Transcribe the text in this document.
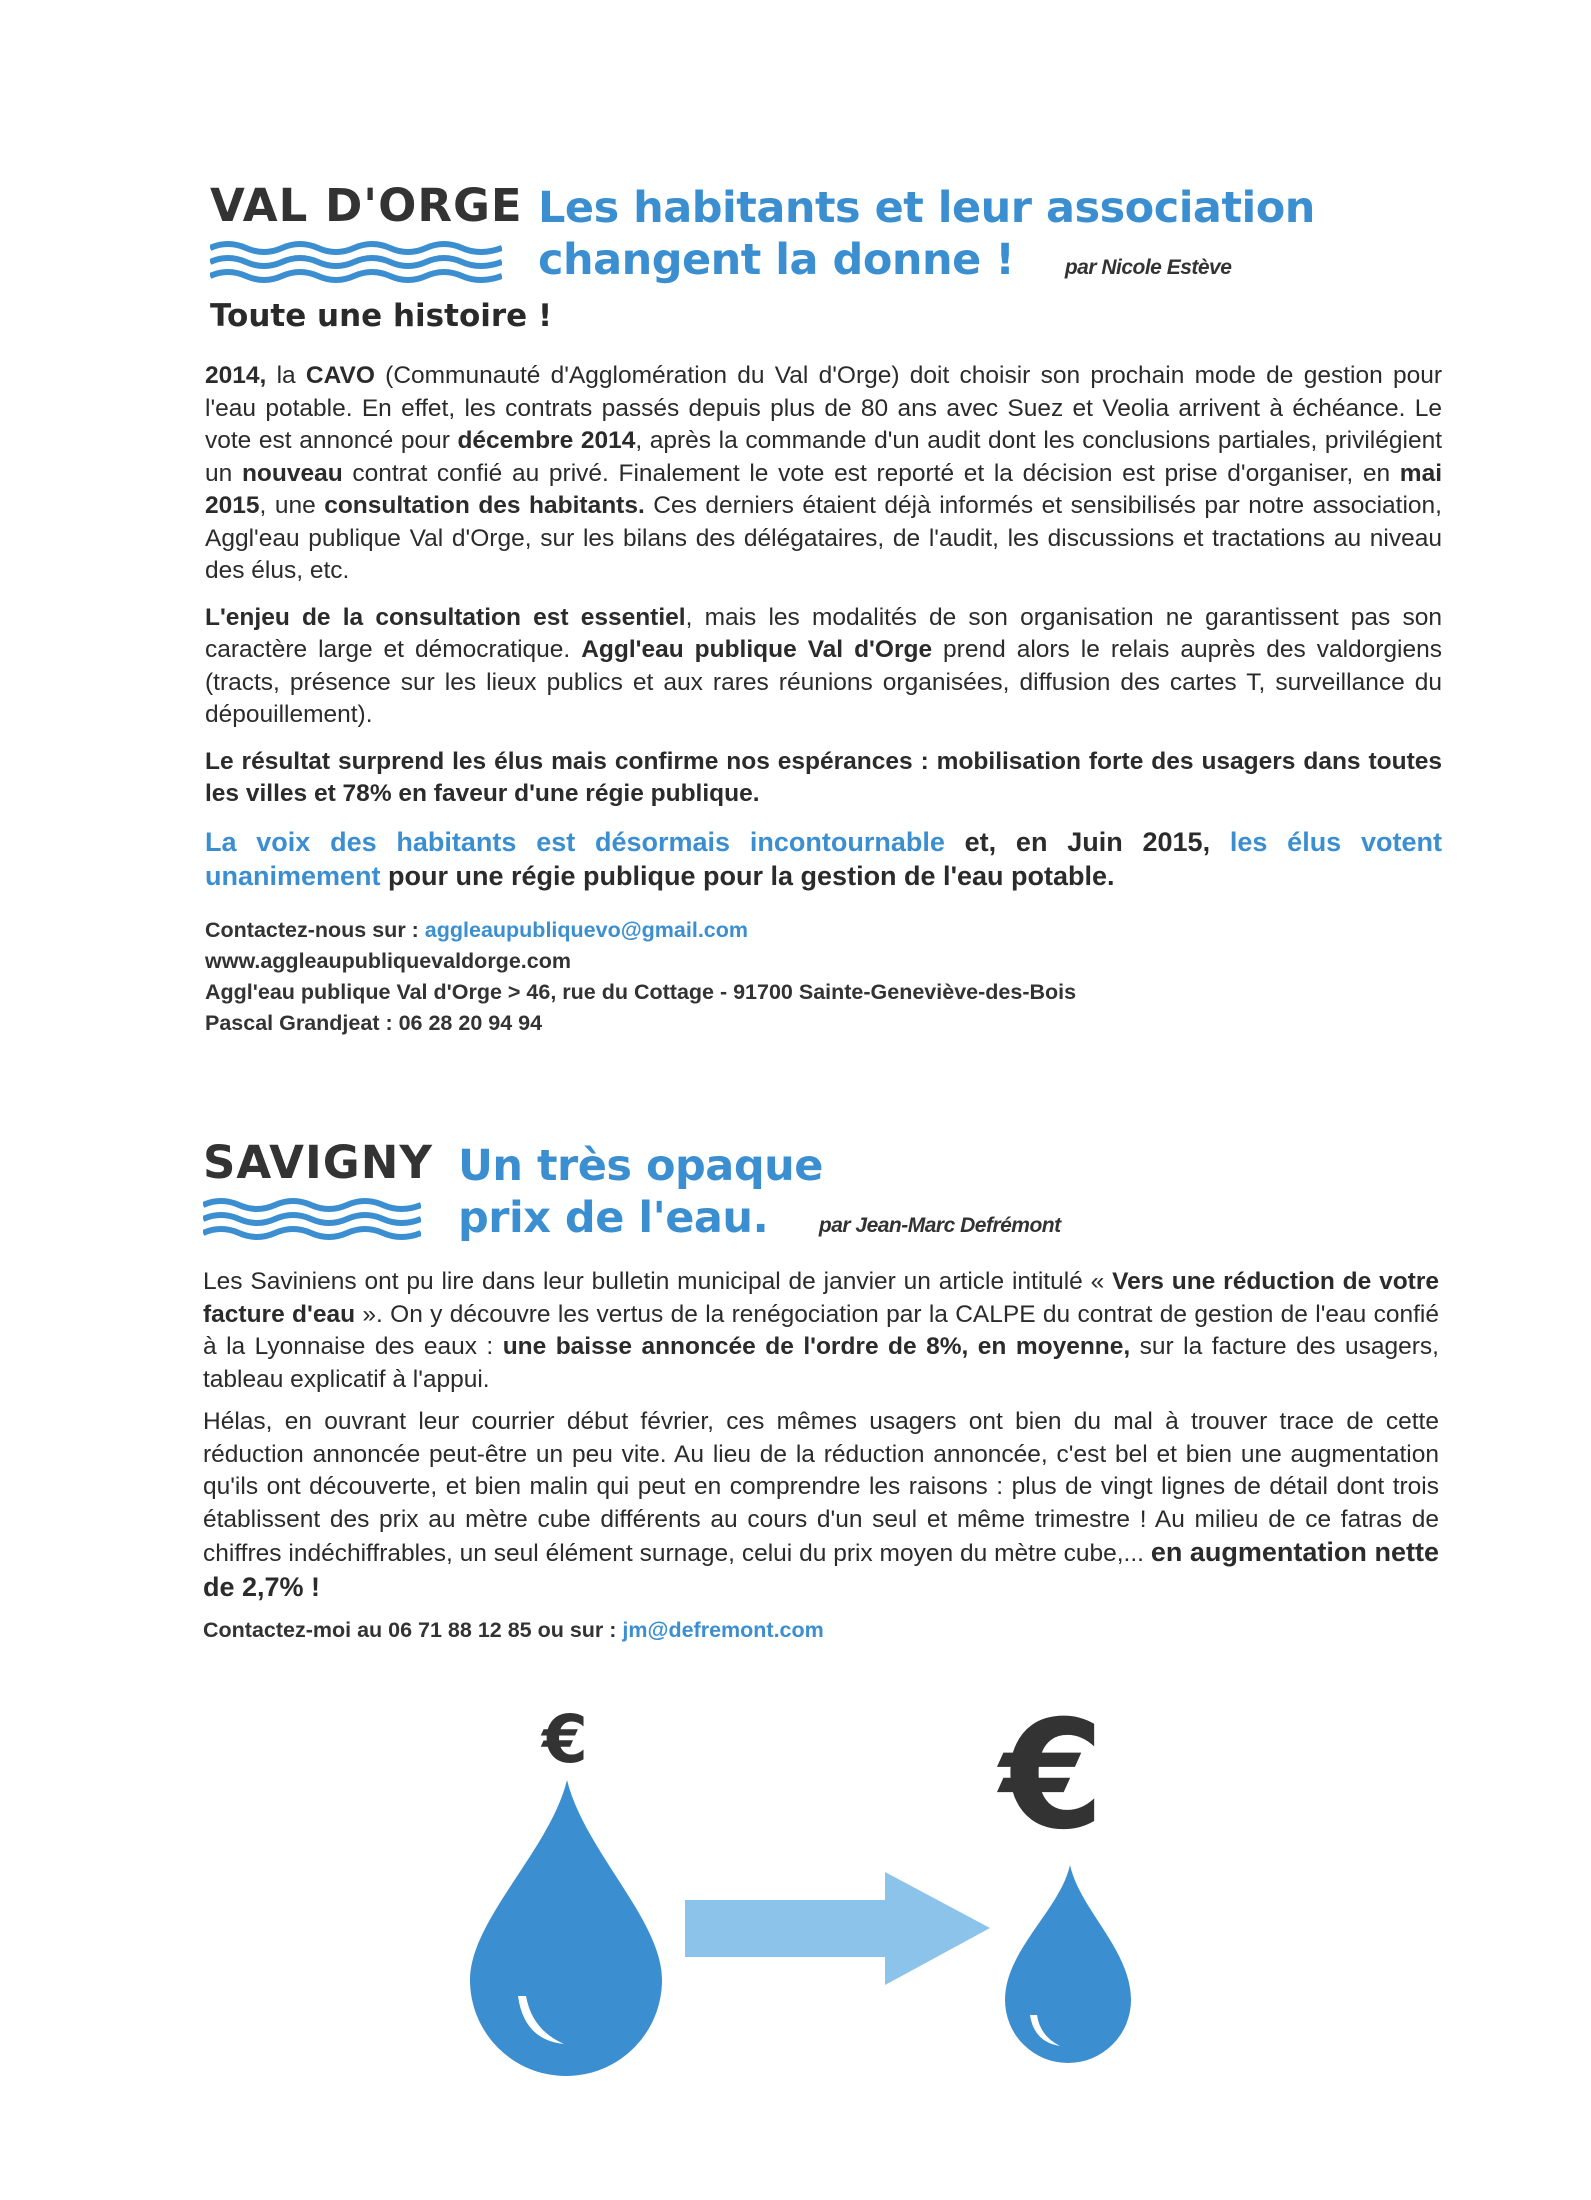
VAL D'ORGE Les habitants et leur association
changent la donne ! par Nicole Estève
Toute une histoire !

2014, la CAVO (Communauté d'Agglomération du Val d'Orge) doit choisir son prochain mode de gestion pour l'eau potable. En effet, les contrats passés depuis plus de 80 ans avec Suez et Veolia arrivent à échéance. Le vote est annoncé pour décembre 2014, après la commande d'un audit dont les conclusions partiales, privilégient un nouveau contrat confié au privé. Finalement le vote est reporté et la décision est prise d'organiser, en mai 2015, une consultation des habitants. Ces derniers étaient déjà informés et sensibilisés par notre association, Aggl'eau publique Val d'Orge, sur les bilans des délégataires, de l'audit, les discussions et tractations au niveau des élus, etc.

L'enjeu de la consultation est essentiel, mais les modalités de son organisation ne garantissent pas son caractère large et démocratique. Aggl'eau publique Val d'Orge prend alors le relais auprès des valdorgiens (tracts, présence sur les lieux publics et aux rares réunions organisées, diffusion des cartes T, surveillance du dépouillement).

Le résultat surprend les élus mais confirme nos espérances : mobilisation forte des usagers dans toutes les villes et 78% en faveur d'une régie publique.

La voix des habitants est désormais incontournable et, en Juin 2015, les élus votent unanimement pour une régie publique pour la gestion de l'eau potable.

Contactez-nous sur : aggleaupubliquevo@gmail.com

www.aggleaupubliquevaldorge.com

Aggl'eau publique Val d'Orge > 46, rue du Cottage - 91700 Sainte-Geneviève-des-Bois

Pascal Grandjeat : 06 28 20 94 94

SAVIGNY Un très opaque
prix de l'eau. par Jean-Marc Defrémont

Les Saviniens ont pu lire dans leur bulletin municipal de janvier un article intitulé « Vers une réduction de votre facture d'eau ». On y découvre les vertus de la renégociation par la CALPE du contrat de gestion de l'eau confié à la Lyonnaise des eaux : une baisse annoncée de l'ordre de 8%, en moyenne, sur la facture des usagers, tableau explicatif à l'appui.

Hélas, en ouvrant leur courrier début février, ces mêmes usagers ont bien du mal à trouver trace de cette réduction annoncée peut-être un peu vite. Au lieu de la réduction annoncée, c'est bel et bien une augmentation qu'ils ont découverte, et bien malin qui peut en comprendre les raisons : plus de vingt lignes de détail dont trois établissent des prix au mètre cube différents au cours d'un seul et même trimestre ! Au milieu de ce fatras de chiffres indéchiffrables, un seul élément surnage, celui du prix moyen du mètre cube,... en augmentation nette de 2,7% !

Contactez-moi au 06 71 88 12 85 ou sur : jm@defremont.com

€	€
